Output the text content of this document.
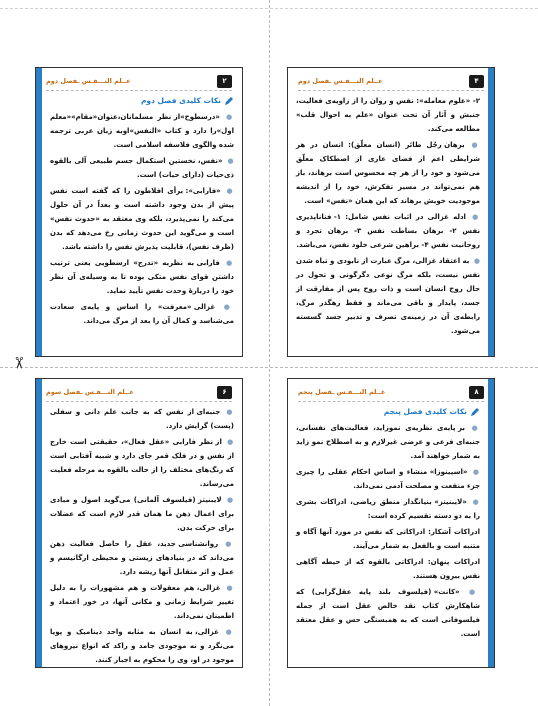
✂
۲
عــلم النـــفـس ـفصل دوم
نکات کلیدی فصل دوم

● «درسطوح»از نظر مسلمانان،عنوان«مقام»«معلم اول»را دارد و کتاب «النفس»اوبه زبان عربی ترجمه شده والگوی فلاسفه اسلامی است.

● «نفس، نخستین استکمال جسم طبیعی آلی بالقوه ذی‌حیات (دارای حیات) است.

● «فارابی»: برأی افلاطون را که گفته است نفس پیش از بدن وجود داشته است و بعداً در آن حلول می‌کند را نمی‌پذیرد، بلکه وی معتقد به «حدوث نفس» است و می‌گوید این حدوث زمانی رخ می‌دهد که بدن (ظرف نفس)، قابلیت پذیرش نفس را داشته باشد.

● فارابی به نظریه «تدرج» ارسطویی یعنی ترتیب داشتن قوای نفس متکی بوده تا به وسیله‌ی آن نظر خود را دربارهٔ وحدت نفس تأیید نماید.

● غزالی «معرفت» را اساس و پایه‌ی سعادت می‌شناسد و کمال آن را بعد از مرگ می‌داند.

۴
عــلم النـــفـس ـفصل دوم

۲- «علوم معامله»: نفس و روان را از زاویه‌ی فعالیت، جنبش و آثار آن تحت عنوان «علم به احوال قلب» مطالعه می‌کند.

● برهان رجُل طائر (انسان معلّق): انسان در هر شرایطی اعم از فضای عاری از اصطکاک معلّق می‌شود و خود را از هر چه محسوس است برهاند، باز هم نمی‌تواند در مسیر تفکرش، خود را از اندیشه موجودیت خویش برهاند که این همان «نفس» است.

● ادله غزالی در اثبات نفس شامل: ۱- فنانا‌پذیری نفس ۲- برهان بساطت نفس ۳- برهان تجرد و روحانیت نفس ۴- براهین شرعی خلود نفس، می‌باشد.

● به اعتقاد غزالی، مرگ عبارت از نابودی و تباه شدن نفس نیست، بلکه مرگ نوعی دگرگونی و تحول در حال روح انسان است و ذات روح پس از مفارقت از جسد، پایدار و باقی می‌ماند و فقط رهگذر مرگ، رابطه‌ی آن در زمینه‌ی تصرف و تدبیر جسد گسسته می‌شود.

۶
عــلم النـــفـس ـفصل سوم

● جنبه‌ای از نفس که به جانب علم دانی و سفلی (پست) گرایش دارد.

● از نظر فارابی «عقل فعال»، حقیقتی است خارج از نفس و در فلک قمر جای دارد و شبیه آفتابی است که رنگ‌های مختلف را از حالت بالقوه به مرحله فعلیت می‌رساند.

● لایبنیتز (فیلسوف آلمانی) می‌گوید اصول و مبادی برای اعمال ذهن ما همان قدر لازم است که عضلات برای حرکت بدن.

● روانشناسی جدید، عقل را حاصل فعالیت ذهن می‌داند که در بنیادهای زیستی و محیطی ارگانیسم و عمل و اثر متقابل آنها ریشه دارد.

● غزالی، هم معقولات و هم مشهورات را به دلیل تغییر شرایط زمانی و مکانی آنها، در خور اعتماد و اطمینان نمی‌داند.

● غزالی، به انسان به مثابه واحد دینامیک و پویا می‌نگرد و نه موجودی جامد و راکد که انواع نیروهای موجود در او، وی را محکوم به اجبار کنند.

۸
عــلم النـــفـس ـفصل پنجم
نکات کلیدی فصل پنجم

● بر پایه‌ی نظریه‌ی نموزاید، فعالیت‌های نفسانی، جنبه‌ای فرعی و عرضی غیرلازم و به اصطلاح نمو زاید به شمار خواهند آمد.

● «اسپینوزا» منشاء و اساس احکام عقلی را چیزی جزء منفعت و مصلحت آدمی نمی‌داند.

● «لایبنیتز» بنیانگذار منطق ریاضی، ادراکات بشری را به دو دسته تقسیم کرده است:

ادراکات آشکار: ادراکاتی که نفس در مورد آنها آگاه و متنبه است و بالفعل به شمار می‌آیند.

ادراکات پنهان: ادراکاتی بالقوه که از حیطه آگاهی نفس بیرون هستند.

● «کانت» (فیلسوف بلند پایه عقل‌گرایی) که شاهکارش کتاب نقد خالص عقل است از جمله فیلسوفانی است که به همبستگی حس و عقل معتقد است.
